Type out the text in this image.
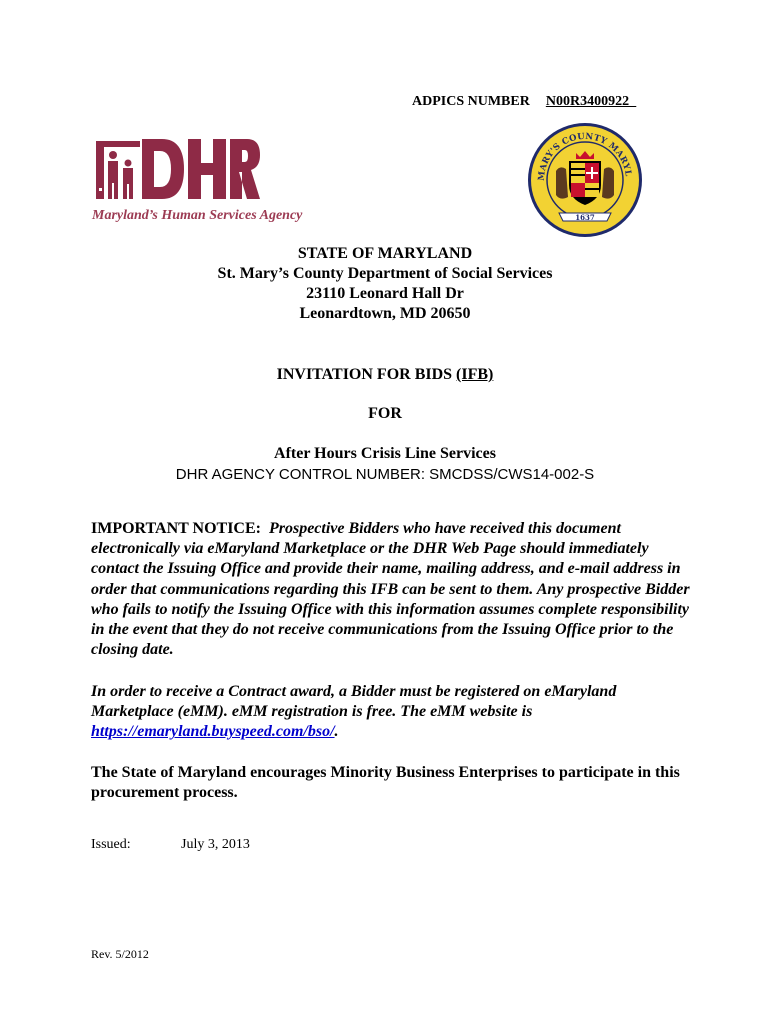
ADPICS NUMBER N00R3400922_
Maryland’s Human Services Agency
MARY'S COUNTY MARYL
1637
STATE OF MARYLAND
St. Mary’s County Department of Social Services
23110 Leonard Hall Dr
Leonardtown, MD 20650
INVITATION FOR BIDS (IFB)
FOR
After Hours Crisis Line Services
DHR AGENCY CONTROL NUMBER: SMCDSS/CWS14-002-S
IMPORTANT NOTICE: Prospective Bidders who have received this document electronically via eMaryland Marketplace or the DHR Web Page should immediately contact the Issuing Office and provide their name, mailing address, and e-mail address in order that communications regarding this IFB can be sent to them. Any prospective Bidder who fails to notify the Issuing Office with this information assumes complete responsibility in the event that they do not receive communications from the Issuing Office prior to the closing date.
In order to receive a Contract award, a Bidder must be registered on eMaryland Marketplace (eMM). eMM registration is free. The eMM website is https://emaryland.buyspeed.com/bso/.
The State of Maryland encourages Minority Business Enterprises to participate in this procurement process.
Issued:	July 3, 2013
Rev. 5/2012
